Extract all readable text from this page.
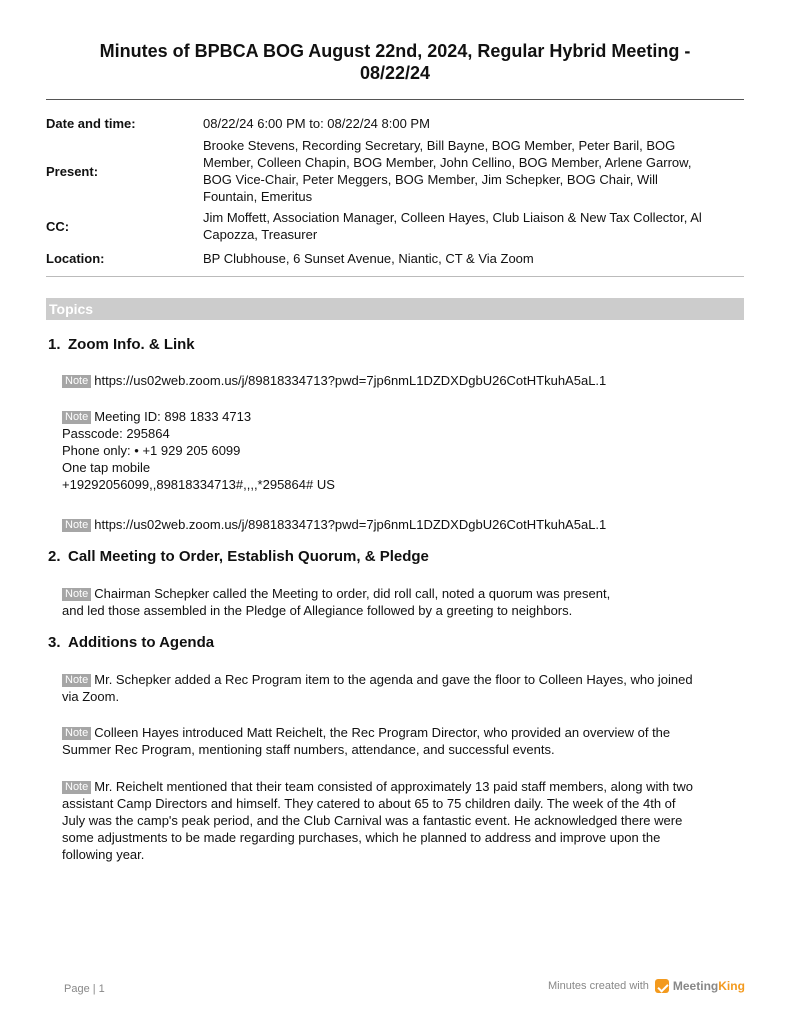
Minutes of BPBCA BOG August 22nd, 2024, Regular Hybrid Meeting -
08/22/24
Date and time:	08/22/24 6:00 PM to: 08/22/24 8:00 PM
Present:
Brooke Stevens, Recording Secretary, Bill Bayne, BOG Member, Peter Baril, BOG
Member, Colleen Chapin, BOG Member, John Cellino, BOG Member, Arlene Garrow,
BOG Vice-Chair, Peter Meggers, BOG Member, Jim Schepker, BOG Chair, Will
Fountain, Emeritus
CC:
Jim Moffett, Association Manager, Colleen Hayes, Club Liaison & New Tax Collector, Al
Capozza, Treasurer
Location:	BP Clubhouse, 6 Sunset Avenue, Niantic, CT & Via Zoom
Topics
1. Zoom Info. & Link
Note https://us02web.zoom.us/j/89818334713?pwd=7jp6nmL1DZDXDgbU26CotHTkuhA5aL.1
Note Meeting ID: 898 1833 4713
Passcode: 295864
Phone only: • +1 929 205 6099
One tap mobile
+19292056099,,89818334713#,,,,*295864# US
Note https://us02web.zoom.us/j/89818334713?pwd=7jp6nmL1DZDXDgbU26CotHTkuhA5aL.1
2. Call Meeting to Order, Establish Quorum, & Pledge
Note Chairman Schepker called the Meeting to order, did roll call, noted a quorum was present,
and led those assembled in the Pledge of Allegiance followed by a greeting to neighbors.
3. Additions to Agenda
Note Mr. Schepker added a Rec Program item to the agenda and gave the floor to Colleen Hayes, who joined
via Zoom.
Note Colleen Hayes introduced Matt Reichelt, the Rec Program Director, who provided an overview of the
Summer Rec Program, mentioning staff numbers, attendance, and successful events.
Note Mr. Reichelt mentioned that their team consisted of approximately 13 paid staff members, along with two
assistant Camp Directors and himself. They catered to about 65 to 75 children daily. The week of the 4th of
July was the camp's peak period, and the Club Carnival was a fantastic event. He acknowledged there were
some adjustments to be made regarding purchases, which he planned to address and improve upon the
following year.
Page | 1	Minutes created with Meeting King
